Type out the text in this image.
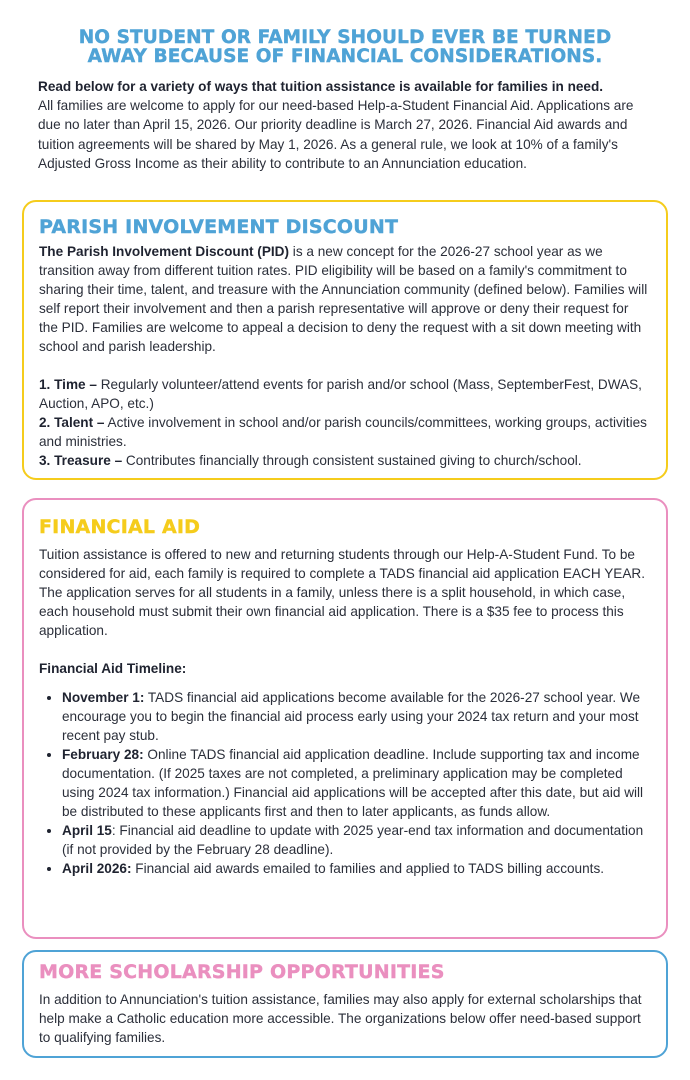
NO STUDENT OR FAMILY SHOULD EVER BE TURNED
AWAY BECAUSE OF FINANCIAL CONSIDERATIONS.
Read below for a variety of ways that tuition assistance is available for families in need.
All families are welcome to apply for our need-based Help-a-Student Financial Aid. Applications are due no later than April 15, 2026. Our priority deadline is March 27, 2026. Financial Aid awards and tuition agreements will be shared by May 1, 2026. As a general rule, we look at 10% of a family's Adjusted Gross Income as their ability to contribute to an Annunciation education.
PARISH INVOLVEMENT DISCOUNT

The Parish Involvement Discount (PID) is a new concept for the 2026-27 school year as we transition away from different tuition rates. PID eligibility will be based on a family's commitment to sharing their time, talent, and treasure with the Annunciation community (defined below). Families will self report their involvement and then a parish representative will approve or deny their request for the PID. Families are welcome to appeal a decision to deny the request with a sit down meeting with school and parish leadership.

1. Time – Regularly volunteer/attend events for parish and/or school (Mass, SeptemberFest, DWAS, Auction, APO, etc.)
2. Talent – Active involvement in school and/or parish councils/committees, working groups, activities and ministries.
3. Treasure – Contributes financially through consistent sustained giving to church/school.
FINANCIAL AID

Tuition assistance is offered to new and returning students through our Help-A-Student Fund. To be considered for aid, each family is required to complete a TADS financial aid application EACH YEAR. The application serves for all students in a family, unless there is a split household, in which case, each household must submit their own financial aid application. There is a $35 fee to process this application.

Financial Aid Timeline:
• November 1: TADS financial aid applications become available for the 2026-27 school year. We encourage you to begin the financial aid process early using your 2024 tax return and your most recent pay stub.
• February 28: Online TADS financial aid application deadline. Include supporting tax and income documentation. (If 2025 taxes are not completed, a preliminary application may be completed using 2024 tax information.) Financial aid applications will be accepted after this date, but aid will be distributed to these applicants first and then to later applicants, as funds allow.
• April 15: Financial aid deadline to update with 2025 year-end tax information and documentation (if not provided by the February 28 deadline).
• April 2026: Financial aid awards emailed to families and applied to TADS billing accounts.
MORE SCHOLARSHIP OPPORTUNITIES

In addition to Annunciation's tuition assistance, families may also apply for external scholarships that help make a Catholic education more accessible. The organizations below offer need-based support to qualifying families.
